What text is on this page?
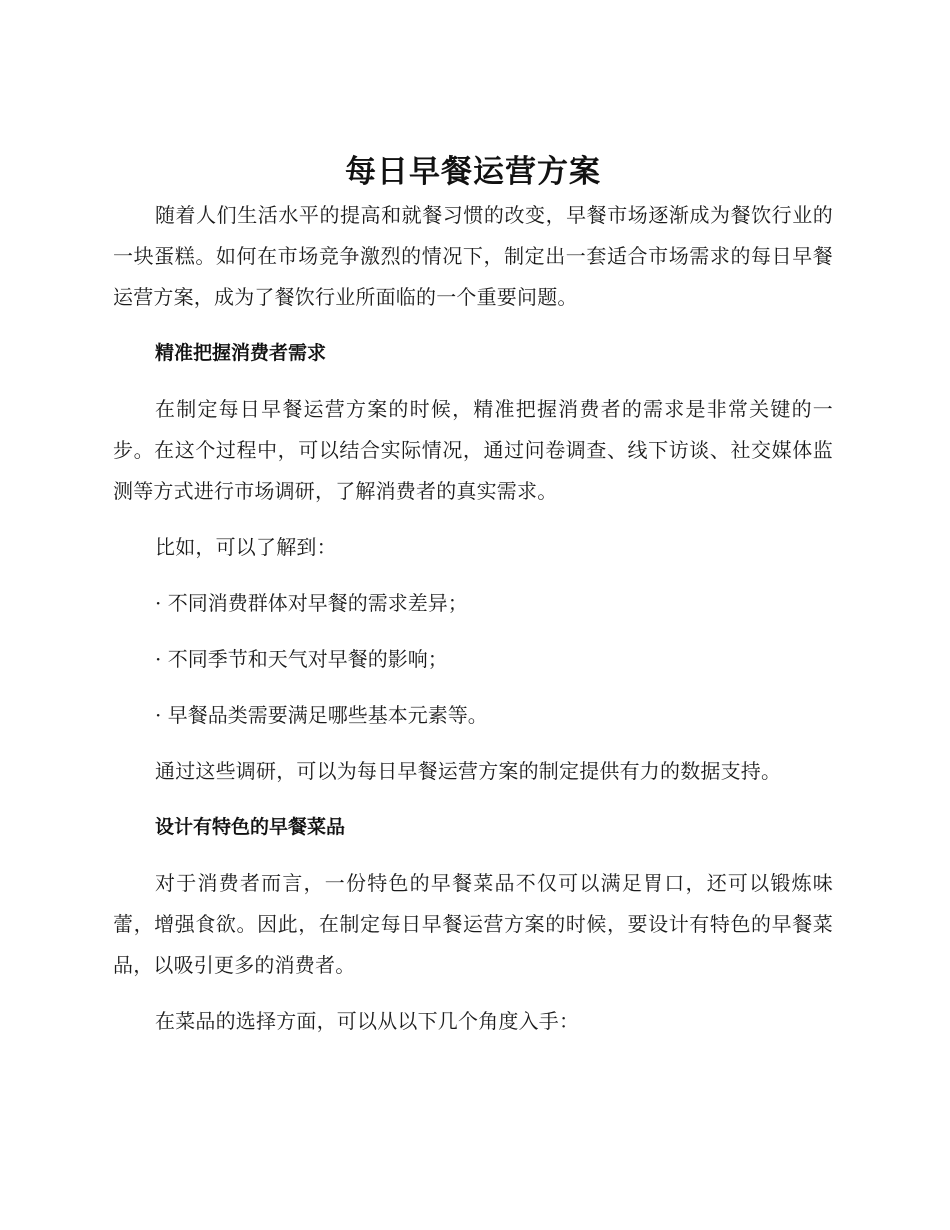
每日早餐运营方案

随着人们生活水平的提高和就餐习惯的改变，早餐市场逐渐成为餐饮行业的一块蛋糕。如何在市场竞争激烈的情况下，制定出一套适合市场需求的每日早餐运营方案，成为了餐饮行业所面临的一个重要问题。

精准把握消费者需求

在制定每日早餐运营方案的时候，精准把握消费者的需求是非常关键的一步。在这个过程中，可以结合实际情况，通过问卷调查、线下访谈、社交媒体监测等方式进行市场调研，了解消费者的真实需求。

比如，可以了解到：

· 不同消费群体对早餐的需求差异；

· 不同季节和天气对早餐的影响；

· 早餐品类需要满足哪些基本元素等。

通过这些调研，可以为每日早餐运营方案的制定提供有力的数据支持。

设计有特色的早餐菜品

对于消费者而言，一份特色的早餐菜品不仅可以满足胃口，还可以锻炼味蕾，增强食欲。因此，在制定每日早餐运营方案的时候，要设计有特色的早餐菜品，以吸引更多的消费者。

在菜品的选择方面，可以从以下几个角度入手：
